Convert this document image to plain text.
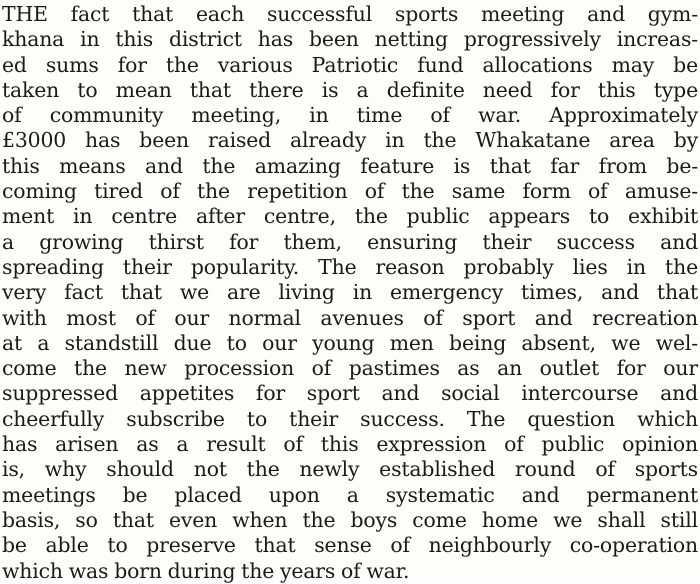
THE fact that each successful sports meeting and gym-
khana in this district has been netting progressively increas-
ed sums for the various Patriotic fund allocations may be
taken to mean that there is a definite need for this type
of community meeting, in time of war. Approximately
£3000 has been raised already in the Whakatane area by
this means and the amazing feature is that far from be-
coming tired of the repetition of the same form of amuse-
ment in centre after centre, the public appears to exhibit
a growing thirst for them, ensuring their success and
spreading their popularity. The reason probably lies in the
very fact that we are living in emergency times, and that
with most of our normal avenues of sport and recreation
at a standstill due to our young men being absent, we wel-
come the new procession of pastimes as an outlet for our
suppressed appetites for sport and social intercourse and
cheerfully subscribe to their success. The question which
has arisen as a result of this expression of public opinion
is, why should not the newly established round of sports
meetings be placed upon a systematic and permanent
basis, so that even when the boys come home we shall still
be able to preserve that sense of neighbourly co-operation
which was born during the years of war.
